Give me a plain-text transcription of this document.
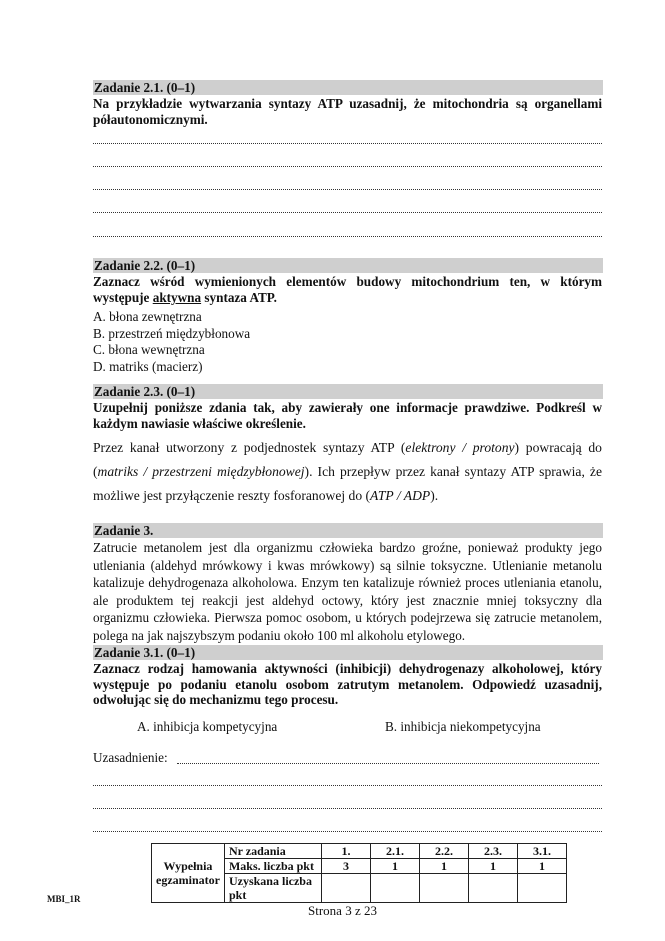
Zadanie 2.1. (0–1)
Na przykładzie wytwarzania syntazy ATP uzasadnij, że mitochondria są organellami półautonomicznymi.
Zadanie 2.2. (0–1)
Zaznacz wśród wymienionych elementów budowy mitochondrium ten, w którym występuje aktywna syntaza ATP.
A. błona zewnętrzna
B. przestrzeń międzybłonowa
C. błona wewnętrzna
D. matriks (macierz)
Zadanie 2.3. (0–1)
Uzupełnij poniższe zdania tak, aby zawierały one informacje prawdziwe. Podkreśl w każdym nawiasie właściwe określenie.
Przez kanał utworzony z podjednostek syntazy ATP (elektrony / protony) powracają do (matriks / przestrzeni międzybłonowej). Ich przepływ przez kanał syntazy ATP sprawia, że możliwe jest przyłączenie reszty fosforanowej do (ATP / ADP).
Zadanie 3.
Zatrucie metanolem jest dla organizmu człowieka bardzo groźne, ponieważ produkty jego utleniania (aldehyd mrówkowy i kwas mrówkowy) są silnie toksyczne. Utlenianie metanolu katalizuje dehydrogenaza alkoholowa. Enzym ten katalizuje również proces utleniania etanolu, ale produktem tej reakcji jest aldehyd octowy, który jest znacznie mniej toksyczny dla organizmu człowieka. Pierwsza pomoc osobom, u których podejrzewa się zatrucie metanolem, polega na jak najszybszym podaniu około 100 ml alkoholu etylowego.
Zadanie 3.1. (0–1)
Zaznacz rodzaj hamowania aktywności (inhibicji) dehydrogenazy alkoholowej, który występuje po podaniu etanolu osobom zatrutym metanolem. Odpowiedź uzasadnij, odwołując się do mechanizmu tego procesu.
A. inhibicja kompetycyjna	B. inhibicja niekompetycyjna
Uzasadnienie:
Wypełnia egzaminator	Nr zadania	1.	2.1.	2.2.	2.3.	3.1.
	Maks. liczba pkt	3	1	1	1	1
	Uzyskana liczba pkt					
MBI_1R
Strona 3 z 23
